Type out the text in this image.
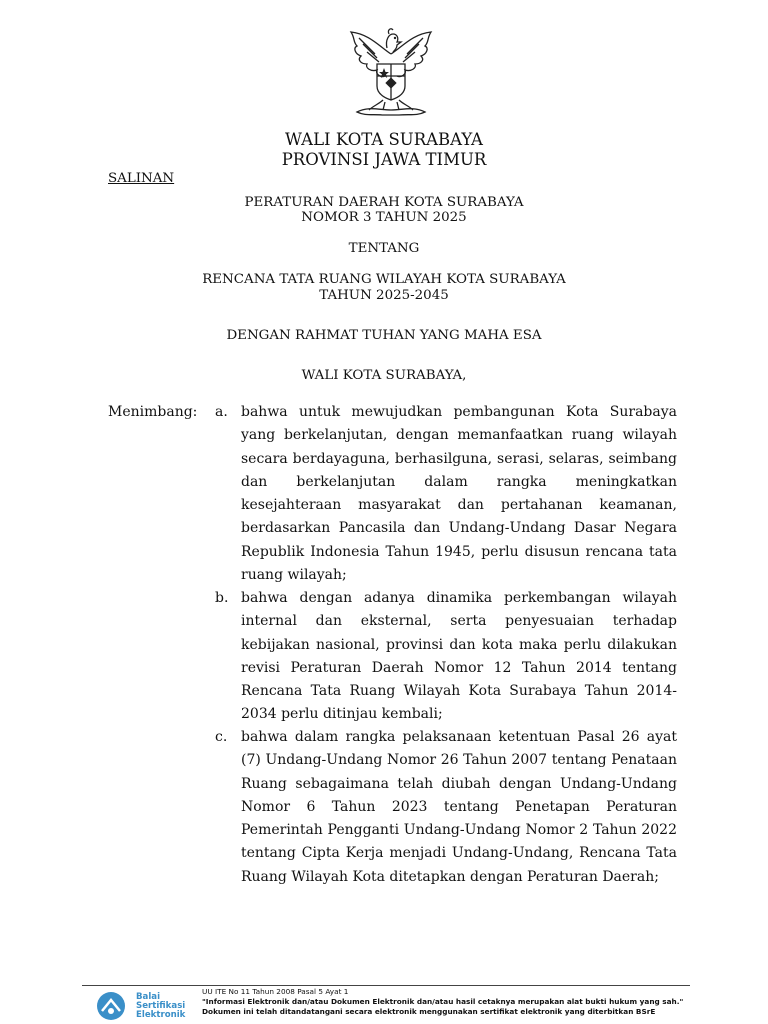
WALI KOTA SURABAYA
PROVINSI JAWA TIMUR
SALINAN
PERATURAN DAERAH KOTA SURABAYA
NOMOR 3 TAHUN 2025
TENTANG
RENCANA TATA RUANG WILAYAH KOTA SURABAYA
TAHUN 2025-2045
DENGAN RAHMAT TUHAN YANG MAHA ESA
WALI KOTA SURABAYA,
Menimbang: a. bahwa untuk mewujudkan pembangunan Kota Surabaya yang berkelanjutan, dengan memanfaatkan ruang wilayah secara berdayaguna, berhasilguna, serasi, selaras, seimbang dan berkelanjutan dalam rangka meningkatkan kesejahteraan masyarakat dan pertahanan keamanan, berdasarkan Pancasila dan Undang-Undang Dasar Negara Republik Indonesia Tahun 1945, perlu disusun rencana tata ruang wilayah;
b. bahwa dengan adanya dinamika perkembangan wilayah internal dan eksternal, serta penyesuaian terhadap kebijakan nasional, provinsi dan kota maka perlu dilakukan revisi Peraturan Daerah Nomor 12 Tahun 2014 tentang Rencana Tata Ruang Wilayah Kota Surabaya Tahun 2014-2034 perlu ditinjau kembali;
c. bahwa dalam rangka pelaksanaan ketentuan Pasal 26 ayat (7) Undang-Undang Nomor 26 Tahun 2007 tentang Penataan Ruang sebagaimana telah diubah dengan Undang-Undang Nomor 6 Tahun 2023 tentang Penetapan Peraturan Pemerintah Pengganti Undang-Undang Nomor 2 Tahun 2022 tentang Cipta Kerja menjadi Undang-Undang, Rencana Tata Ruang Wilayah Kota ditetapkan dengan Peraturan Daerah;
Balai
Sertifikasi
Elektronik
UU ITE No 11 Tahun 2008 Pasal 5 Ayat 1
"Informasi Elektronik dan/atau Dokumen Elektronik dan/atau hasil cetaknya merupakan alat bukti hukum yang sah."
Dokumen ini telah ditandatangani secara elektronik menggunakan sertifikat elektronik yang diterbitkan BSrE
